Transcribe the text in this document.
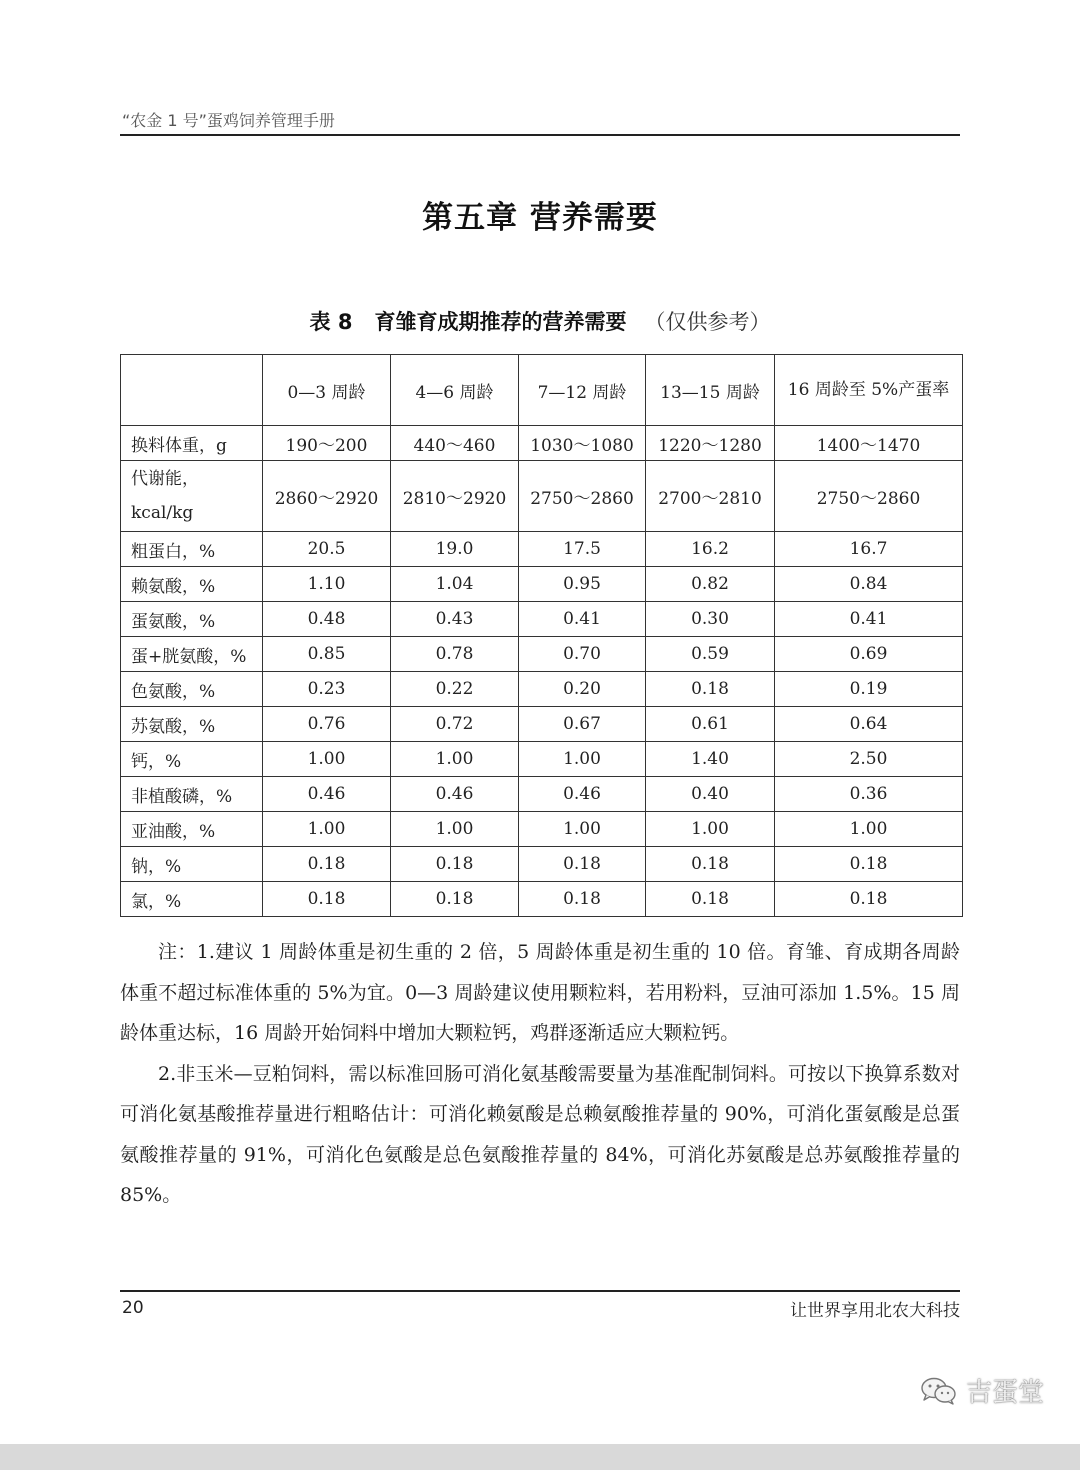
“农金 1 号”蛋鸡饲养管理手册
第五章 营养需要
表 8 育雏育成期推荐的营养需要 （仅供参考）
	0—3 周龄	4—6 周龄	7—12 周龄	13—15 周龄	16 周龄至 5%产蛋率
换料体重，g	190～200	440～460	1030～1080	1220～1280	1400～1470
代谢能，kcal/kg	2860～2920	2810～2920	2750～2860	2700～2810	2750～2860
粗蛋白，%	20.5	19.0	17.5	16.2	16.7
赖氨酸，%	1.10	1.04	0.95	0.82	0.84
蛋氨酸，%	0.48	0.43	0.41	0.30	0.41
蛋+胱氨酸，%	0.85	0.78	0.70	0.59	0.69
色氨酸，%	0.23	0.22	0.20	0.18	0.19
苏氨酸，%	0.76	0.72	0.67	0.61	0.64
钙，%	1.00	1.00	1.00	1.40	2.50
非植酸磷，%	0.46	0.46	0.46	0.40	0.36
亚油酸，%	1.00	1.00	1.00	1.00	1.00
钠，%	0.18	0.18	0.18	0.18	0.18
氯，%	0.18	0.18	0.18	0.18	0.18

注：1.建议 1 周龄体重是初生重的 2 倍，5 周龄体重是初生重的 10 倍。育雏、育成期各周龄体重不超过标准体重的 5%为宜。0—3 周龄建议使用颗粒料，若用粉料，豆油可添加 1.5%。15 周龄体重达标，16 周龄开始饲料中增加大颗粒钙，鸡群逐渐适应大颗粒钙。

2.非玉米—豆粕饲料，需以标准回肠可消化氨基酸需要量为基准配制饲料。可按以下换算系数对可消化氨基酸推荐量进行粗略估计：可消化赖氨酸是总赖氨酸推荐量的 90%，可消化蛋氨酸是总蛋氨酸推荐量的 91%，可消化色氨酸是总色氨酸推荐量的 84%，可消化苏氨酸是总苏氨酸推荐量的 85%。

20	让世界享用北农大科技
吉蛋堂
